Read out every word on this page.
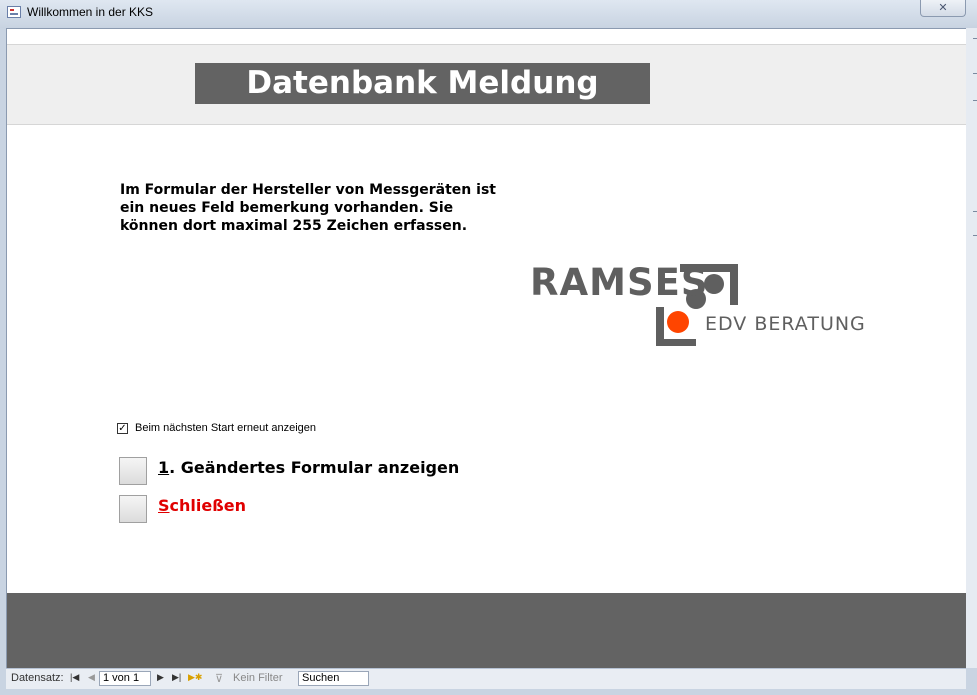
Willkommen in der KKS	✕
Datenbank Meldung
Im Formular der Hersteller von Messgeräten ist ein neues Feld bemerkung vorhanden. Sie können dort maximal 255 Zeichen erfassen.
RAMSES
EDV BERATUNG
✓ Beim nächsten Start erneut anzeigen
1. Geändertes Formular anzeigen
Schließen
Datensatz: |◀ ◀ 1 von 1	▶ ▶| ▶✱ ⊽ Kein Filter	Suchen
